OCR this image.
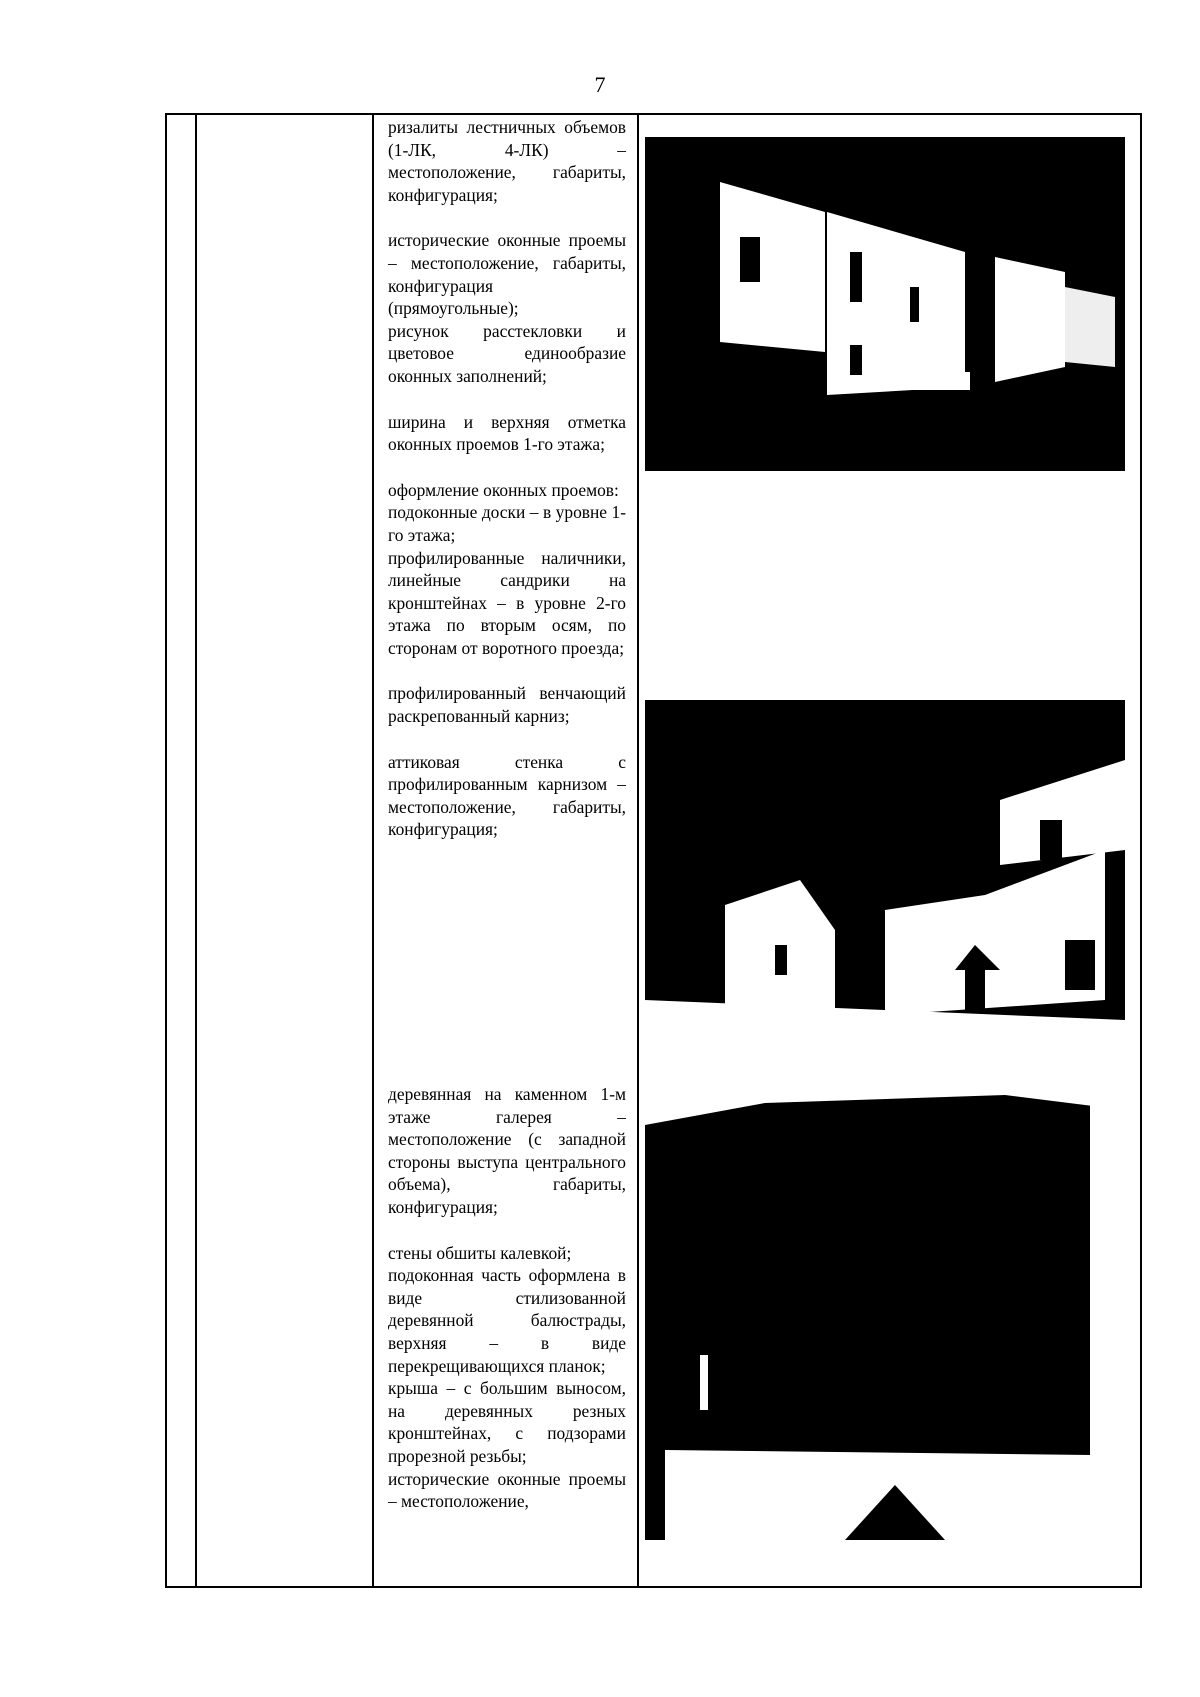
7

ризалиты лестничных объемов (1-ЛК, 4-ЛК) – местоположение, габариты, конфигурация;

исторические оконные проемы – местоположение, габариты, конфигурация (прямоугольные);

рисунок расстекловки и цветовое единообразие оконных заполнений;

ширина и верхняя отметка оконных проемов 1-го этажа;

оформление оконных проемов:

подоконные доски – в уровне 1-го этажа;

профилированные наличники, линейные сандрики на кронштейнах – в уровне 2-го этажа по вторым осям, по сторонам от воротного проезда;

профилированный венчающий раскрепованный карниз;

аттиковая стенка с профилированным карнизом – местоположение, габариты, конфигурация;

деревянная на каменном 1-м этаже галерея – местоположение (с западной стороны выступа центрального объема), габариты, конфигурация;

стены обшиты калевкой;

подоконная часть оформлена в виде стилизованной деревянной балюстрады, верхняя – в виде перекрещивающихся планок;

крыша – с большим выносом, на деревянных резных кронштейнах, с подзорами прорезной резьбы;

исторические оконные проемы – местоположение,
